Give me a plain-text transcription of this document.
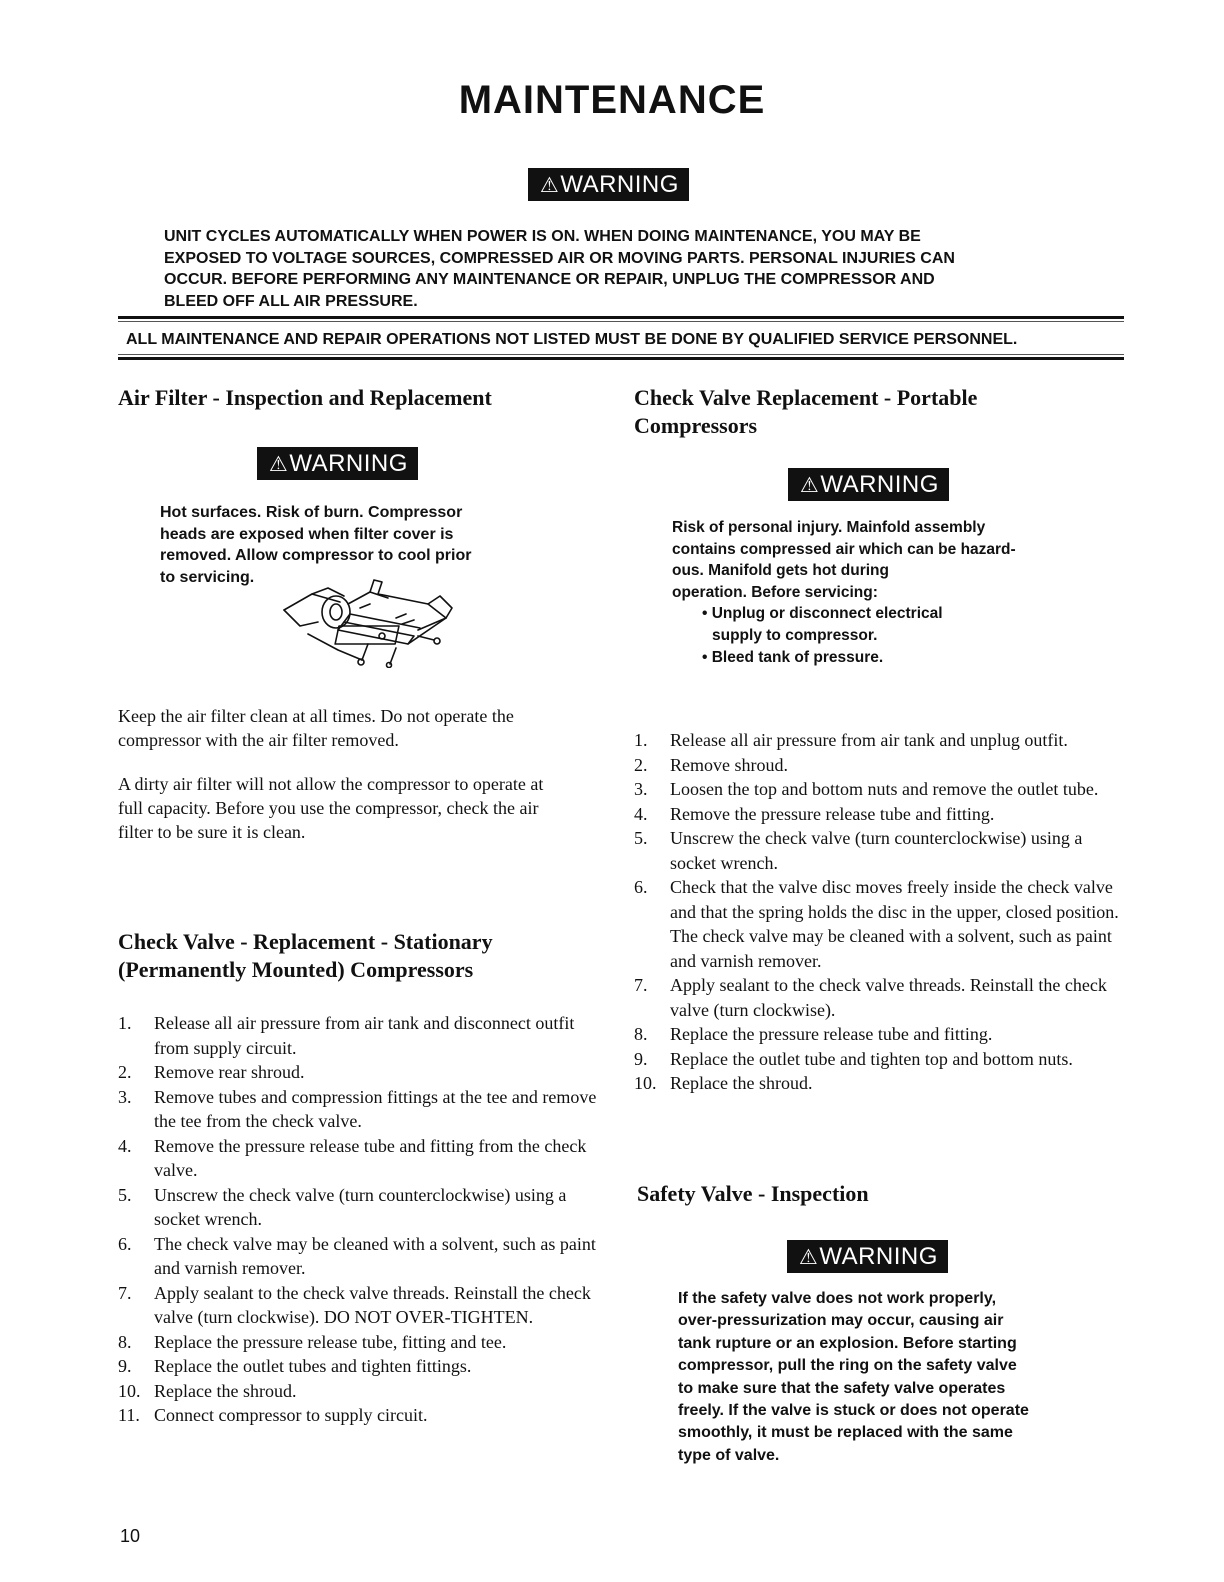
MAINTENANCE
⚠WARNING
UNIT CYCLES AUTOMATICALLY WHEN POWER IS ON. WHEN DOING MAINTENANCE, YOU MAY BE
EXPOSED TO VOLTAGE SOURCES, COMPRESSED AIR OR MOVING PARTS. PERSONAL INJURIES CAN
OCCUR. BEFORE PERFORMING ANY MAINTENANCE OR REPAIR, UNPLUG THE COMPRESSOR AND
BLEED OFF ALL AIR PRESSURE.
ALL MAINTENANCE AND REPAIR OPERATIONS NOT LISTED MUST BE DONE BY QUALIFIED SERVICE PERSONNEL.
Air Filter - Inspection and Replacement
⚠WARNING
Hot surfaces. Risk of burn. Compressor
heads are exposed when filter cover is
removed. Allow compressor to cool prior
to servicing.
Keep the air filter clean at all times. Do not operate the
compressor with the air filter removed.
A dirty air filter will not allow the compressor to operate at
full capacity. Before you use the compressor, check the air
filter to be sure it is clean.
Check Valve - Replacement - Stationary
(Permanently Mounted) Compressors
1. Release all air pressure from air tank and disconnect outfit from supply circuit.
2. Remove rear shroud.
3. Remove tubes and compression fittings at the tee and remove the tee from the check valve.
4. Remove the pressure release tube and fitting from the check valve.
5. Unscrew the check valve (turn counterclockwise) using a socket wrench.
6. The check valve may be cleaned with a solvent, such as paint and varnish remover.
7. Apply sealant to the check valve threads. Reinstall the check valve (turn clockwise). DO NOT OVER-TIGHTEN.
8. Replace the pressure release tube, fitting and tee.
9. Replace the outlet tubes and tighten fittings.
10. Replace the shroud.
11. Connect compressor to supply circuit.
Check Valve Replacement - Portable
Compressors
⚠WARNING
Risk of personal injury. Mainfold assembly
contains compressed air which can be hazard-
ous. Manifold gets hot during
operation. Before servicing:
• Unplug or disconnect electrical
supply to compressor.
• Bleed tank of pressure.
1. Release all air pressure from air tank and unplug outfit.
2. Remove shroud.
3. Loosen the top and bottom nuts and remove the outlet tube.
4. Remove the pressure release tube and fitting.
5. Unscrew the check valve (turn counterclockwise) using a socket wrench.
6. Check that the valve disc moves freely inside the check valve and that the spring holds the disc in the upper, closed position. The check valve may be cleaned with a solvent, such as paint and varnish remover.
7. Apply sealant to the check valve threads. Reinstall the check valve (turn clockwise).
8. Replace the pressure release tube and fitting.
9. Replace the outlet tube and tighten top and bottom nuts.
10. Replace the shroud.
Safety Valve - Inspection
⚠WARNING
If the safety valve does not work properly,
over-pressurization may occur, causing air
tank rupture or an explosion. Before starting
compressor, pull the ring on the safety valve
to make sure that the safety valve operates
freely. If the valve is stuck or does not operate
smoothly, it must be replaced with the same
type of valve.
10
